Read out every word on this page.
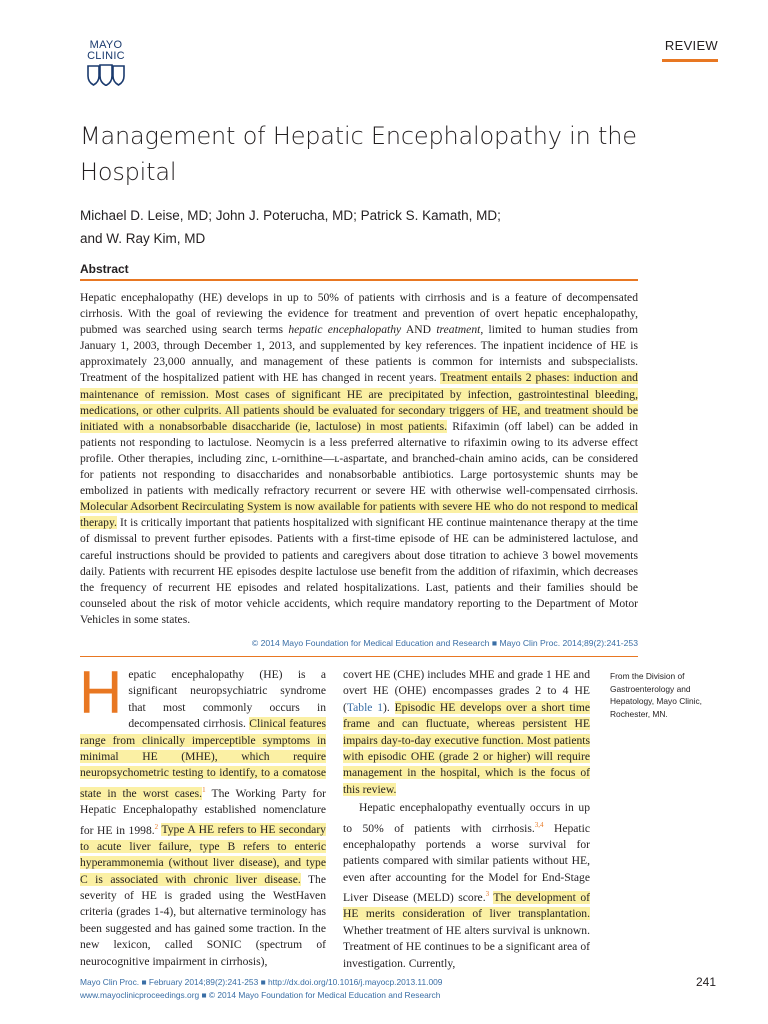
MAYO
CLINIC
REVIEW
Management of Hepatic Encephalopathy in the Hospital
Michael D. Leise, MD; John J. Poterucha, MD; Patrick S. Kamath, MD;
and W. Ray Kim, MD
Abstract
Hepatic encephalopathy (HE) develops in up to 50% of patients with cirrhosis and is a feature of decompensated cirrhosis. With the goal of reviewing the evidence for treatment and prevention of overt hepatic encephalopathy, pubmed was searched using search terms hepatic encephalopathy AND treatment, limited to human studies from January 1, 2003, through December 1, 2013, and supplemented by key references. The inpatient incidence of HE is approximately 23,000 annually, and management of these patients is common for internists and subspecialists. Treatment of the hospitalized patient with HE has changed in recent years. Treatment entails 2 phases: induction and maintenance of remission. Most cases of significant HE are precipitated by infection, gastrointestinal bleeding, medications, or other culprits. All patients should be evaluated for secondary triggers of HE, and treatment should be initiated with a nonabsorbable disaccharide (ie, lactulose) in most patients. Rifaximin (off label) can be added in patients not responding to lactulose. Neomycin is a less preferred alternative to rifaximin owing to its adverse effect profile. Other therapies, including zinc, ʟ-ornithine—ʟ-aspartate, and branched-chain amino acids, can be considered for patients not responding to disaccharides and nonabsorbable antibiotics. Large portosystemic shunts may be embolized in patients with medically refractory recurrent or severe HE with otherwise well-compensated cirrhosis. Molecular Adsorbent Recirculating System is now available for patients with severe HE who do not respond to medical therapy. It is critically important that patients hospitalized with significant HE continue maintenance therapy at the time of dismissal to prevent further episodes. Patients with a first-time episode of HE can be administered lactulose, and careful instructions should be provided to patients and caregivers about dose titration to achieve 3 bowel movements daily. Patients with recurrent HE episodes despite lactulose use benefit from the addition of rifaximin, which decreases the frequency of recurrent HE episodes and related hospitalizations. Last, patients and their families should be counseled about the risk of motor vehicle accidents, which require mandatory reporting to the Department of Motor Vehicles in some states.
© 2014 Mayo Foundation for Medical Education and Research ■ Mayo Clin Proc. 2014;89(2):241-253
Hepatic encephalopathy (HE) is a significant neuropsychiatric syndrome that most commonly occurs in decompensated cirrhosis. Clinical features range from clinically imperceptible symptoms in minimal HE (MHE), which require neuropsychometric testing to identify, to a comatose state in the worst cases.$^1$ The Working Party for Hepatic Encephalopathy established nomenclature for HE in 1998.$^2$ Type A HE refers to HE secondary to acute liver failure, type B refers to enteric hyperammonemia (without liver disease), and type C is associated with chronic liver disease. The severity of HE is graded using the WestHaven criteria (grades 1-4), but alternative terminology has been suggested and has gained some traction. In the new lexicon, called SONIC (spectrum of neurocognitive impairment in cirrhosis),
covert HE (CHE) includes MHE and grade 1 HE and overt HE (OHE) encompasses grades 2 to 4 HE (Table 1). Episodic HE develops over a short time frame and can fluctuate, whereas persistent HE impairs day-to-day executive function. Most patients with episodic OHE (grade 2 or higher) will require management in the hospital, which is the focus of this review.
Hepatic encephalopathy eventually occurs in up to 50% of patients with cirrhosis.$^{3,4}$ Hepatic encephalopathy portends a worse survival for patients compared with similar patients without HE, even after accounting for the Model for End-Stage Liver Disease (MELD) score.$^3$ The development of HE merits consideration of liver transplantation. Whether treatment of HE alters survival is unknown. Treatment of HE continues to be a significant area of investigation. Currently,
From the Division of Gastroenterology and Hepatology, Mayo Clinic, Rochester, MN.
Mayo Clin Proc. ■ February 2014;89(2):241-253 ■ http://dx.doi.org/10.1016/j.mayocp.2013.11.009
www.mayoclinicproceedings.org ■ © 2014 Mayo Foundation for Medical Education and Research
241
